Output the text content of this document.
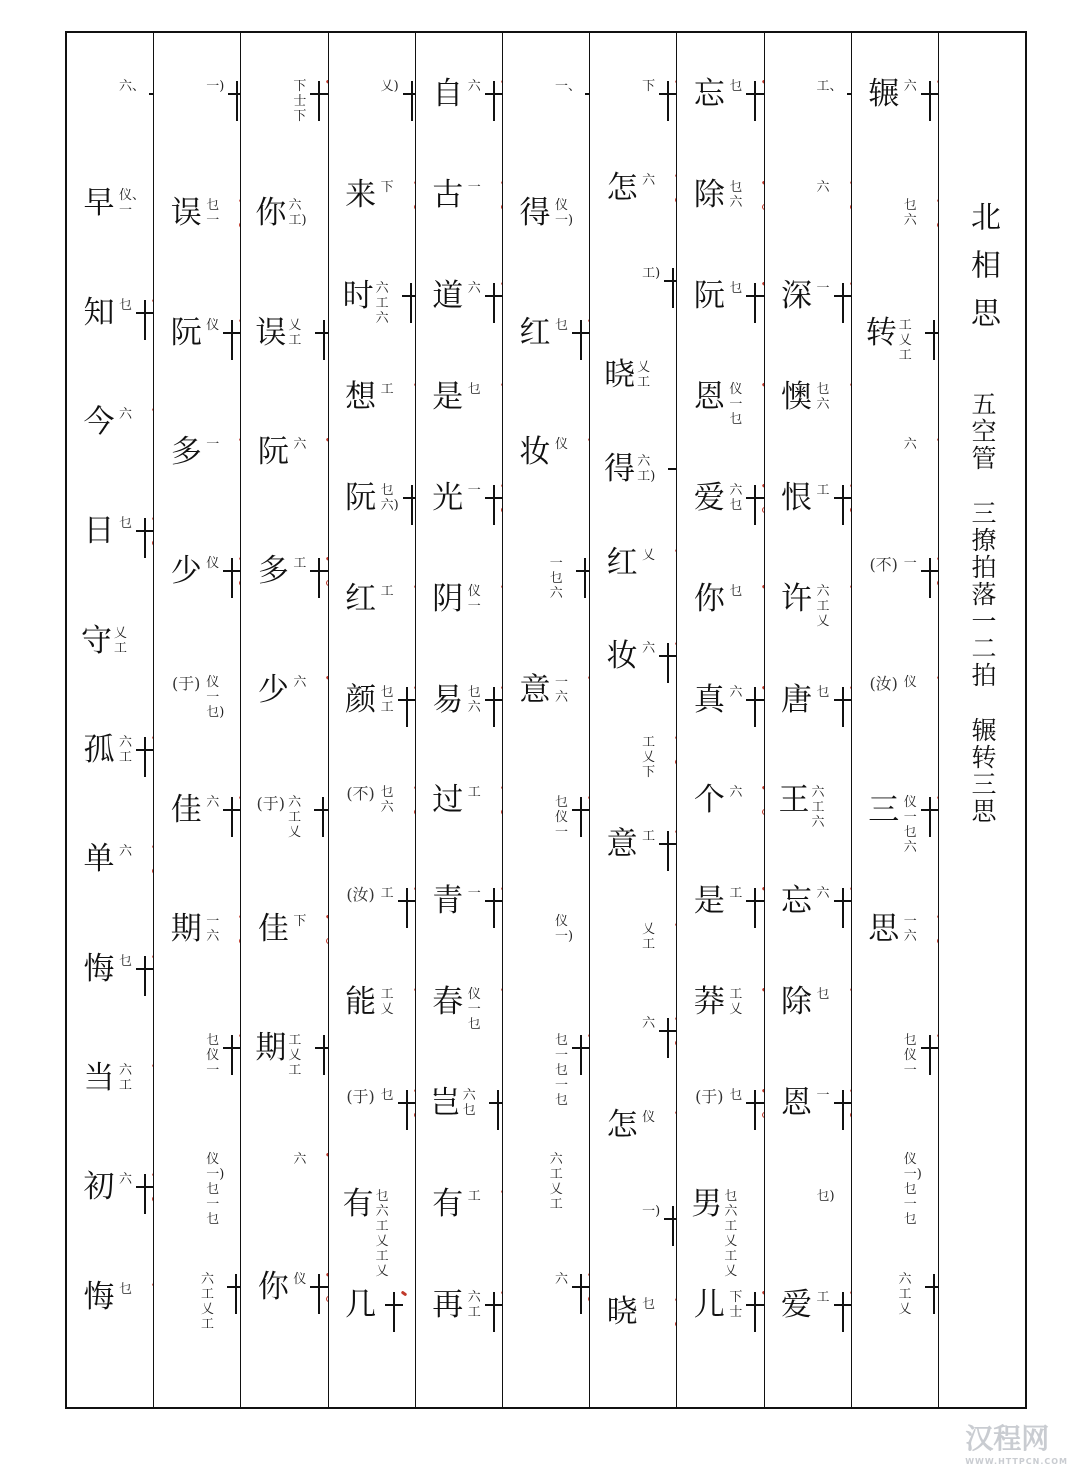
六、
早 仪、
一
知 乜
今 六
日 乜
守 乂工
孤 六
工
单 六
悔 乜
当 六
工
初 六
悔 乜
一)
误 乜
一
阮 仪
多 一
少 仪
(于) 仪
一
乜)
佳 六
期 一
六
乜
仪
一
仪
一)
乜
一
乜
六工
乂工
下
士
下
你 六工)
误 乂工
阮 六
多 工
少 六
(于) 六
工乂
佳 下
期 工
乂工
六
你 仪
乂)
来 下
时 六工
六
想 工
阮 乜
六)
红 工
颜 乜
工
(不) 乜
六
(汝) 工
能 工
乂
(于) 乜
有 乜
六工
乂工
乂
几
自 六
古 一
道 六
是 乜
光 一
阴 仪
一
易 乜
六
过 工
青 一
春 仪
一
乜
岂 六乜
有 工
再 六
工
一、
得 仪
一)
红 乜
妆 仪
一乜
六
意 一
六
乜
仪
一
仪
一)
乜
一
乜
一
乜
六
工
乂工
六
下
怎 六
工)
晓 乂工
得 六工)
红 乂
妆 六
工
乂
下
意 工
乂
工
六
怎 仪
一)
晓 乜
忘 乜
除 乜
六
阮 乜
恩 仪
一
乜
爱 六
乜
你 乜
真 六
个 六
是 工
莽 工
乂
(于) 乜
男 乜
六工
乂工
乂
儿 下
士
工、
六
深 一
懊 乜
六
恨 工
许 六
工
乂
唐 乜
王 六工
六
忘 六
除 乜
恩 一
乜)
爱 工
辗 六
乜
六
转 工
乂工
六
(不) 一
(汝) 仪
三 仪
一
乜
六
思 一
六
乜
仪
一
仪
一)
乜
一
乜
六工
乂
北相思
五空管
三撩拍落一二拍
辗转三思
汉程网
WWW.HTTPCN.COM
